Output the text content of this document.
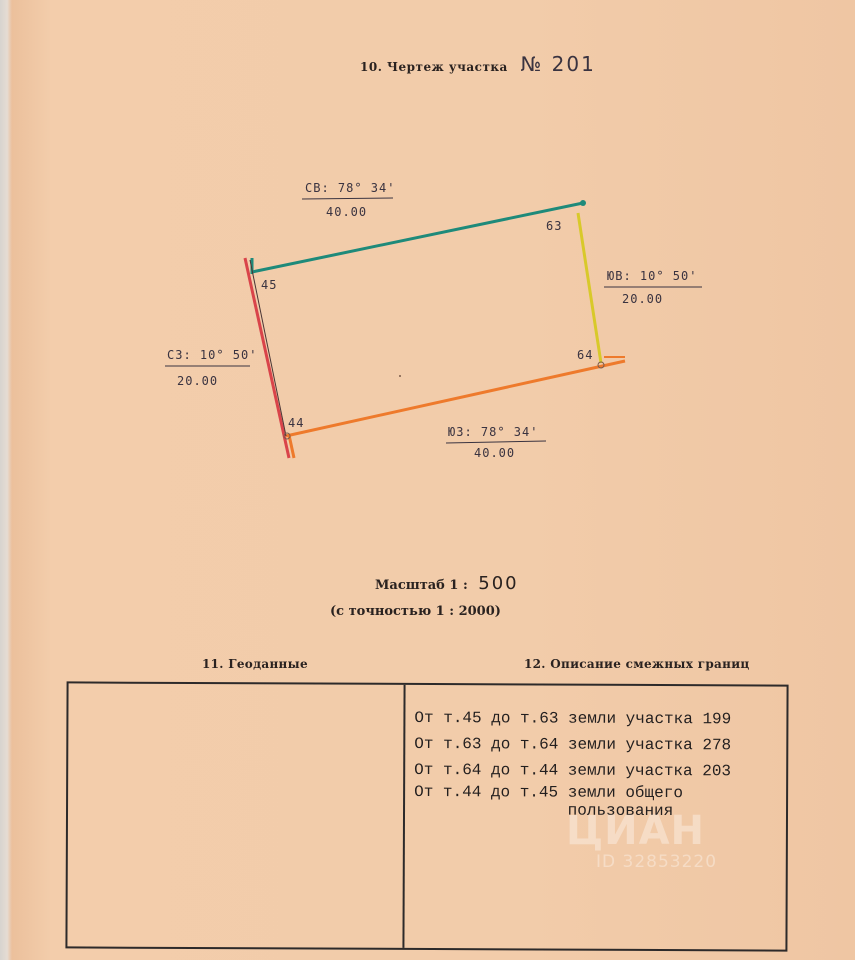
10. Чертеж участка № 201
45
63
64
44
СВ: 78° 34'
40.00
ЮВ: 10° 50'
20.00
ЮЗ: 78° 34'
40.00
СЗ: 10° 50'
20.00
Масштаб 1 : 500
(с точностью 1 : 2000)
11. Геоданные	12. Описание смежных границ
От т.45 до т.63 земли участка 199
От т.63 до т.64 земли участка 278
От т.64 до т.44 земли участка 203
От т.44 до т.45 земли общего
пользования
ЦИАН
ID 32853220
